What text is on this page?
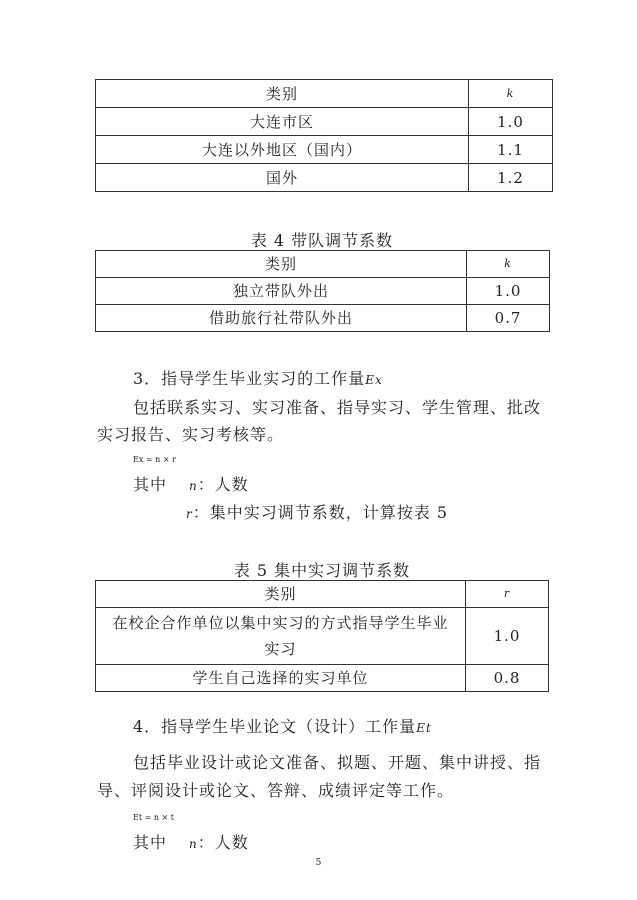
类别	k
大连市区	1.0
大连以外地区（国内）	1.1
国外	1.2
表 4 带队调节系数
类别	k
独立带队外出	1.0
借助旅行社带队外出	0.7
3．指导学生毕业实习的工作量Ex
包括联系实习、实习准备、指导实习、学生管理、批改
实习报告、实习考核等。
Ex = n × r
其中 n：人数
r：集中实习调节系数，计算按表 5
表 5 集中实习调节系数
类别	r
在校企合作单位以集中实习的方式指导学生毕业
实习	1.0
学生自己选择的实习单位	0.8
4．指导学生毕业论文（设计）工作量Et
包括毕业设计或论文准备、拟题、开题、集中讲授、指
导、评阅设计或论文、答辩、成绩评定等工作。
Et = n × t
其中 n：人数
5
